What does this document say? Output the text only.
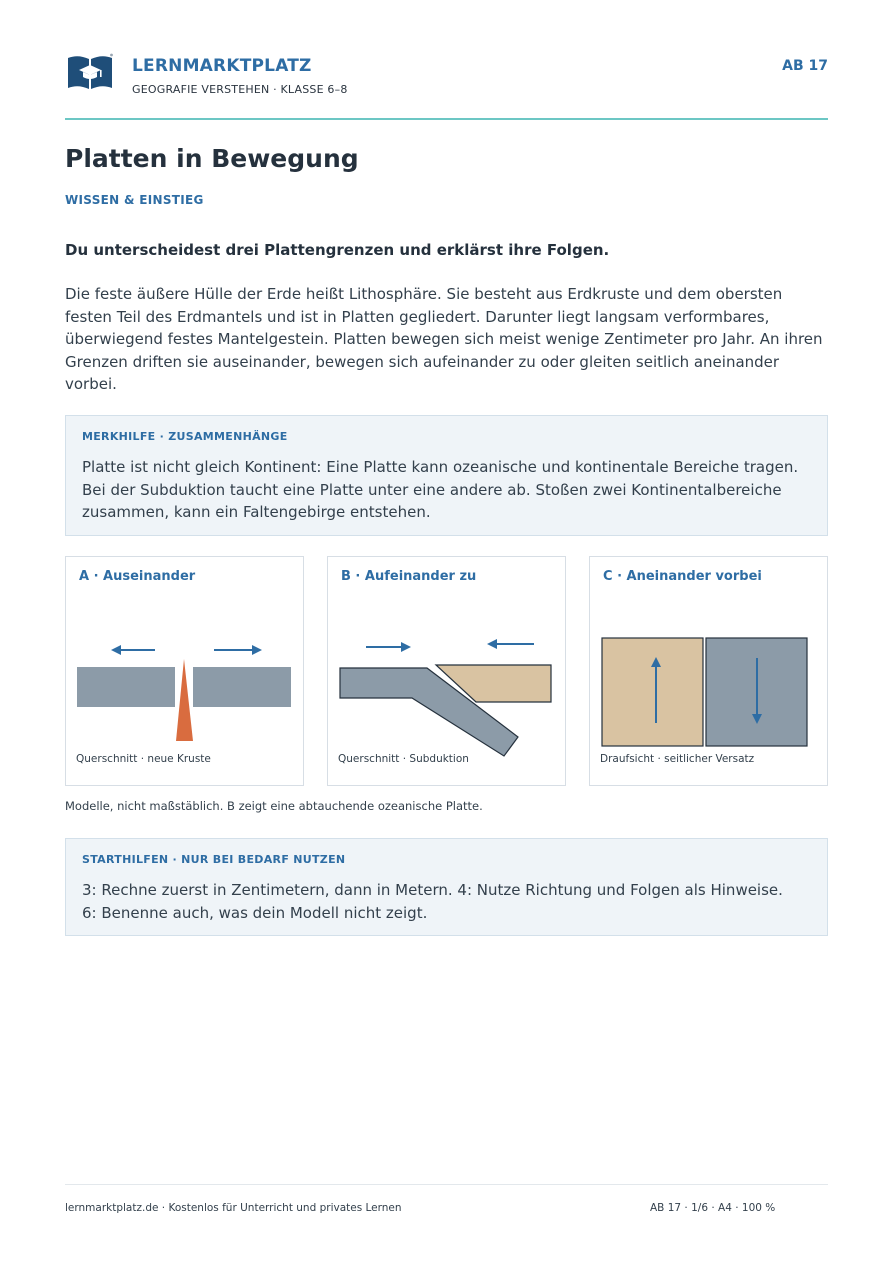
LERNMARKTPLATZ
GEOGRAFIE VERSTEHEN · KLASSE 6–8
AB 17
Platten in Bewegung
WISSEN & EINSTIEG
Du unterscheidest drei Plattengrenzen und erklärst ihre Folgen.

Die feste äußere Hülle der Erde heißt Lithosphäre. Sie besteht aus Erdkruste und dem obersten festen Teil des Erdmantels und ist in Platten gegliedert. Darunter liegt langsam verformbares, überwiegend festes Mantelgestein. Platten bewegen sich meist wenige Zentimeter pro Jahr. An ihren Grenzen driften sie auseinander, bewegen sich aufeinander zu oder gleiten seitlich aneinander vorbei.

MERKHILFE · ZUSAMMENHÄNGE

Platte ist nicht gleich Kontinent: Eine Platte kann ozeanische und kontinentale Bereiche tragen. Bei der Subduktion taucht eine Platte unter eine andere ab. Stoßen zwei Kontinentalbereiche zusammen, kann ein Faltengebirge entstehen.

A · Auseinander
Querschnitt · neue Kruste
B · Aufeinander zu
Querschnitt · Subduktion
C · Aneinander vorbei
Draufsicht · seitlicher Versatz
Modelle, nicht maßstäblich. B zeigt eine abtauchende ozeanische Platte.
STARTHILFEN · NUR BEI BEDARF NUTZEN

3: Rechne zuerst in Zentimetern, dann in Metern. 4: Nutze Richtung und Folgen als Hinweise. 6: Benenne auch, was dein Modell nicht zeigt.

lernmarktplatz.de · Kostenlos für Unterricht und privates Lernen	AB 17 · 1/6 · A4 · 100 %
